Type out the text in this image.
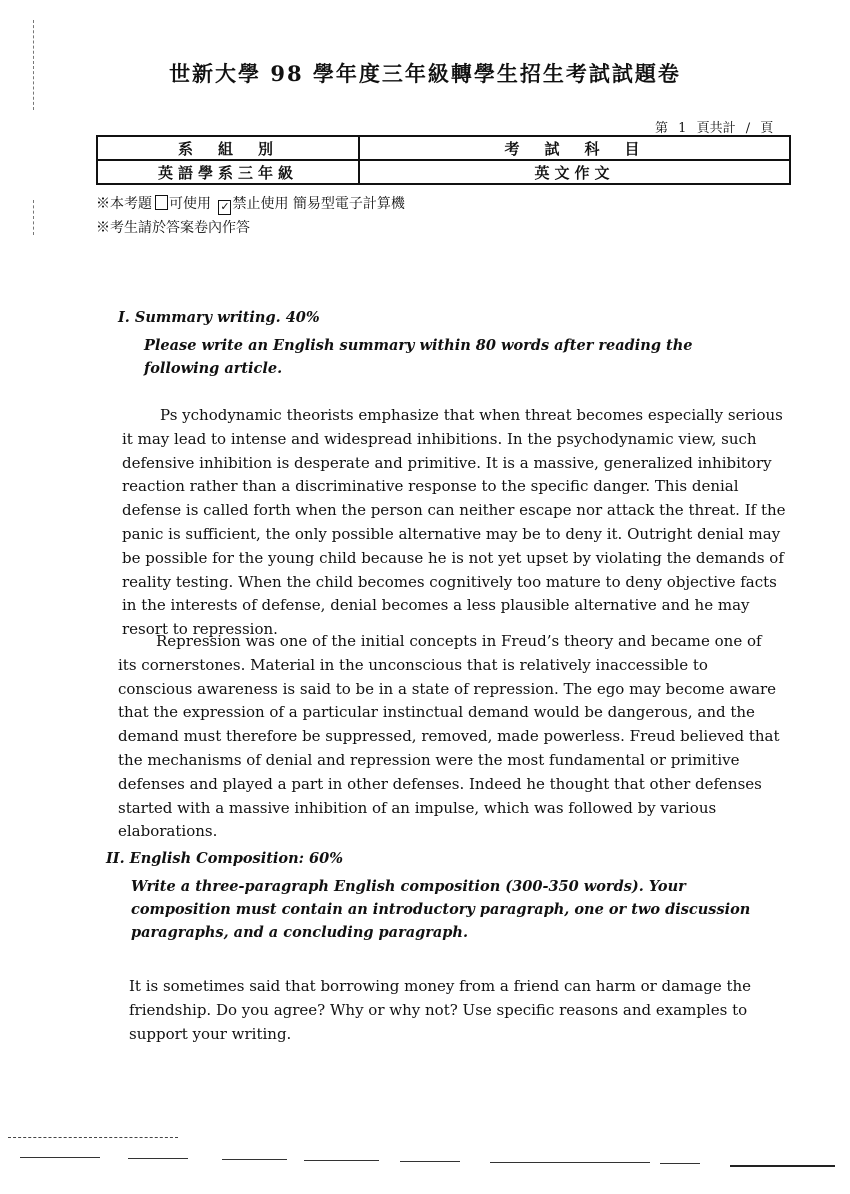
世新大學 98 學年度三年級轉學生招生考試試題卷
第 1 頁共計 / 頁
系　組　別	考　試　科　目
英語學系三年級	英文作文
※本考題 可使用 ✓ 禁止使用 簡易型電子計算機
※考生請於答案卷內作答
I. Summary writing. 40%
Please write an English summary within 80 words after reading the following article.

Ps ychodynamic theorists emphasize that when threat becomes especially serious it may lead to intense and widespread inhibitions. In the psychodynamic view, such defensive inhibition is desperate and primitive. It is a massive, generalized inhibitory reaction rather than a discriminative response to the specific danger. This denial defense is called forth when the person can neither escape nor attack the threat. If the panic is sufficient, the only possible alternative may be to deny it. Outright denial may be possible for the young child because he is not yet upset by violating the demands of reality testing. When the child becomes cognitively too mature to deny objective facts in the interests of defense, denial becomes a less plausible alternative and he may resort to repression.

Repression was one of the initial concepts in Freud’s theory and became one of its cornerstones. Material in the unconscious that is relatively inaccessible to conscious awareness is said to be in a state of repression. The ego may become aware that the expression of a particular instinctual demand would be dangerous, and the demand must therefore be suppressed, removed, made powerless. Freud believed that the mechanisms of denial and repression were the most fundamental or primitive defenses and played a part in other defenses. Indeed he thought that other defenses started with a massive inhibition of an impulse, which was followed by various elaborations.

II. English Composition: 60%
Write a three-paragraph English composition (300-350 words). Your composition must contain an introductory paragraph, one or two discussion paragraphs, and a concluding paragraph.
It is sometimes said that borrowing money from a friend can harm or damage the friendship. Do you agree? Why or why not? Use specific reasons and examples to support your writing.
